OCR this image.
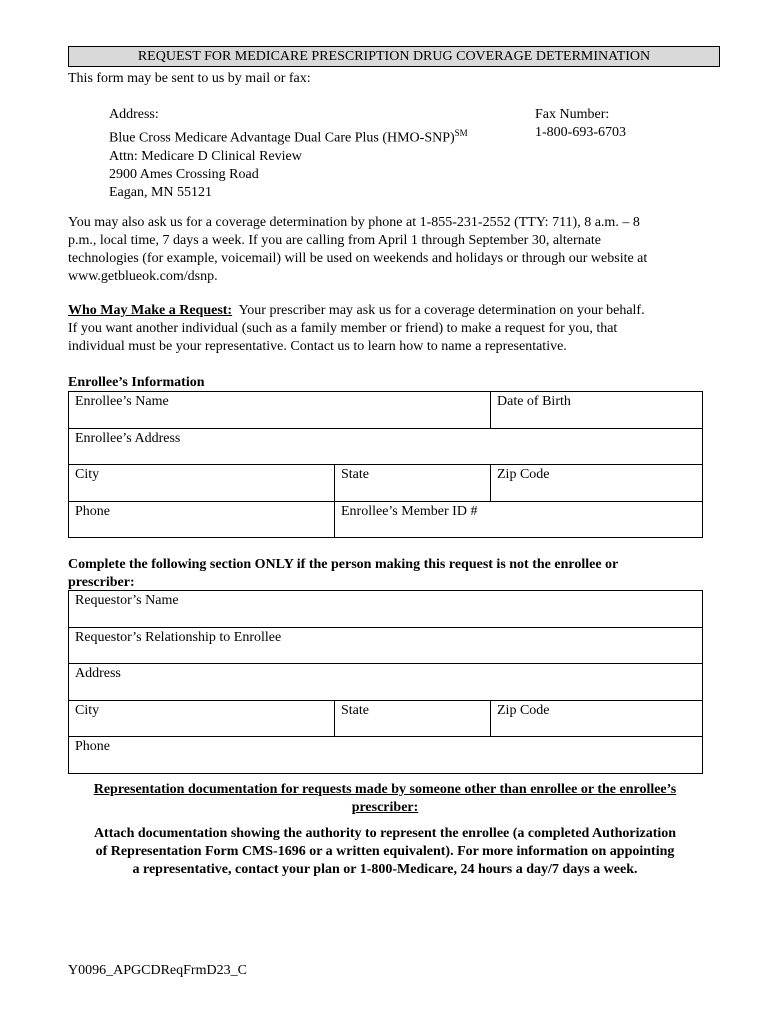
REQUEST FOR MEDICARE PRESCRIPTION DRUG COVERAGE DETERMINATION
This form may be sent to us by mail or fax:
Address:
Blue Cross Medicare Advantage Dual Care Plus (HMO-SNP)℠
Attn: Medicare D Clinical Review
2900 Ames Crossing Road
Eagan, MN 55121
Fax Number:
1-800-693-6703
You may also ask us for a coverage determination by phone at 1-855-231-2552 (TTY: 711), 8 a.m. – 8
p.m., local time, 7 days a week. If you are calling from April 1 through September 30, alternate
technologies (for example, voicemail) will be used on weekends and holidays or through our website at
www.getblueok.com/dsnp.
Who May Make a Request: Your prescriber may ask us for a coverage determination on your behalf.
If you want another individual (such as a family member or friend) to make a request for you, that
individual must be your representative. Contact us to learn how to name a representative.
Enrollee’s Information
Enrollee’s Name		Date of Birth
Enrollee’s Address		
City	State	Zip Code
Phone	Enrollee’s Member ID #	
Complete the following section ONLY if the person making this request is not the enrollee or
prescriber:
Requestor’s Name
Requestor’s Relationship to Enrollee
Address
City	State	Zip Code
Phone
Representation documentation for requests made by someone other than enrollee or the enrollee’s
prescriber:
Attach documentation showing the authority to represent the enrollee (a completed Authorization
of Representation Form CMS-1696 or a written equivalent). For more information on appointing
a representative, contact your plan or 1-800-Medicare, 24 hours a day/7 days a week.
Y0096_APGCDReqFrmD23_C
